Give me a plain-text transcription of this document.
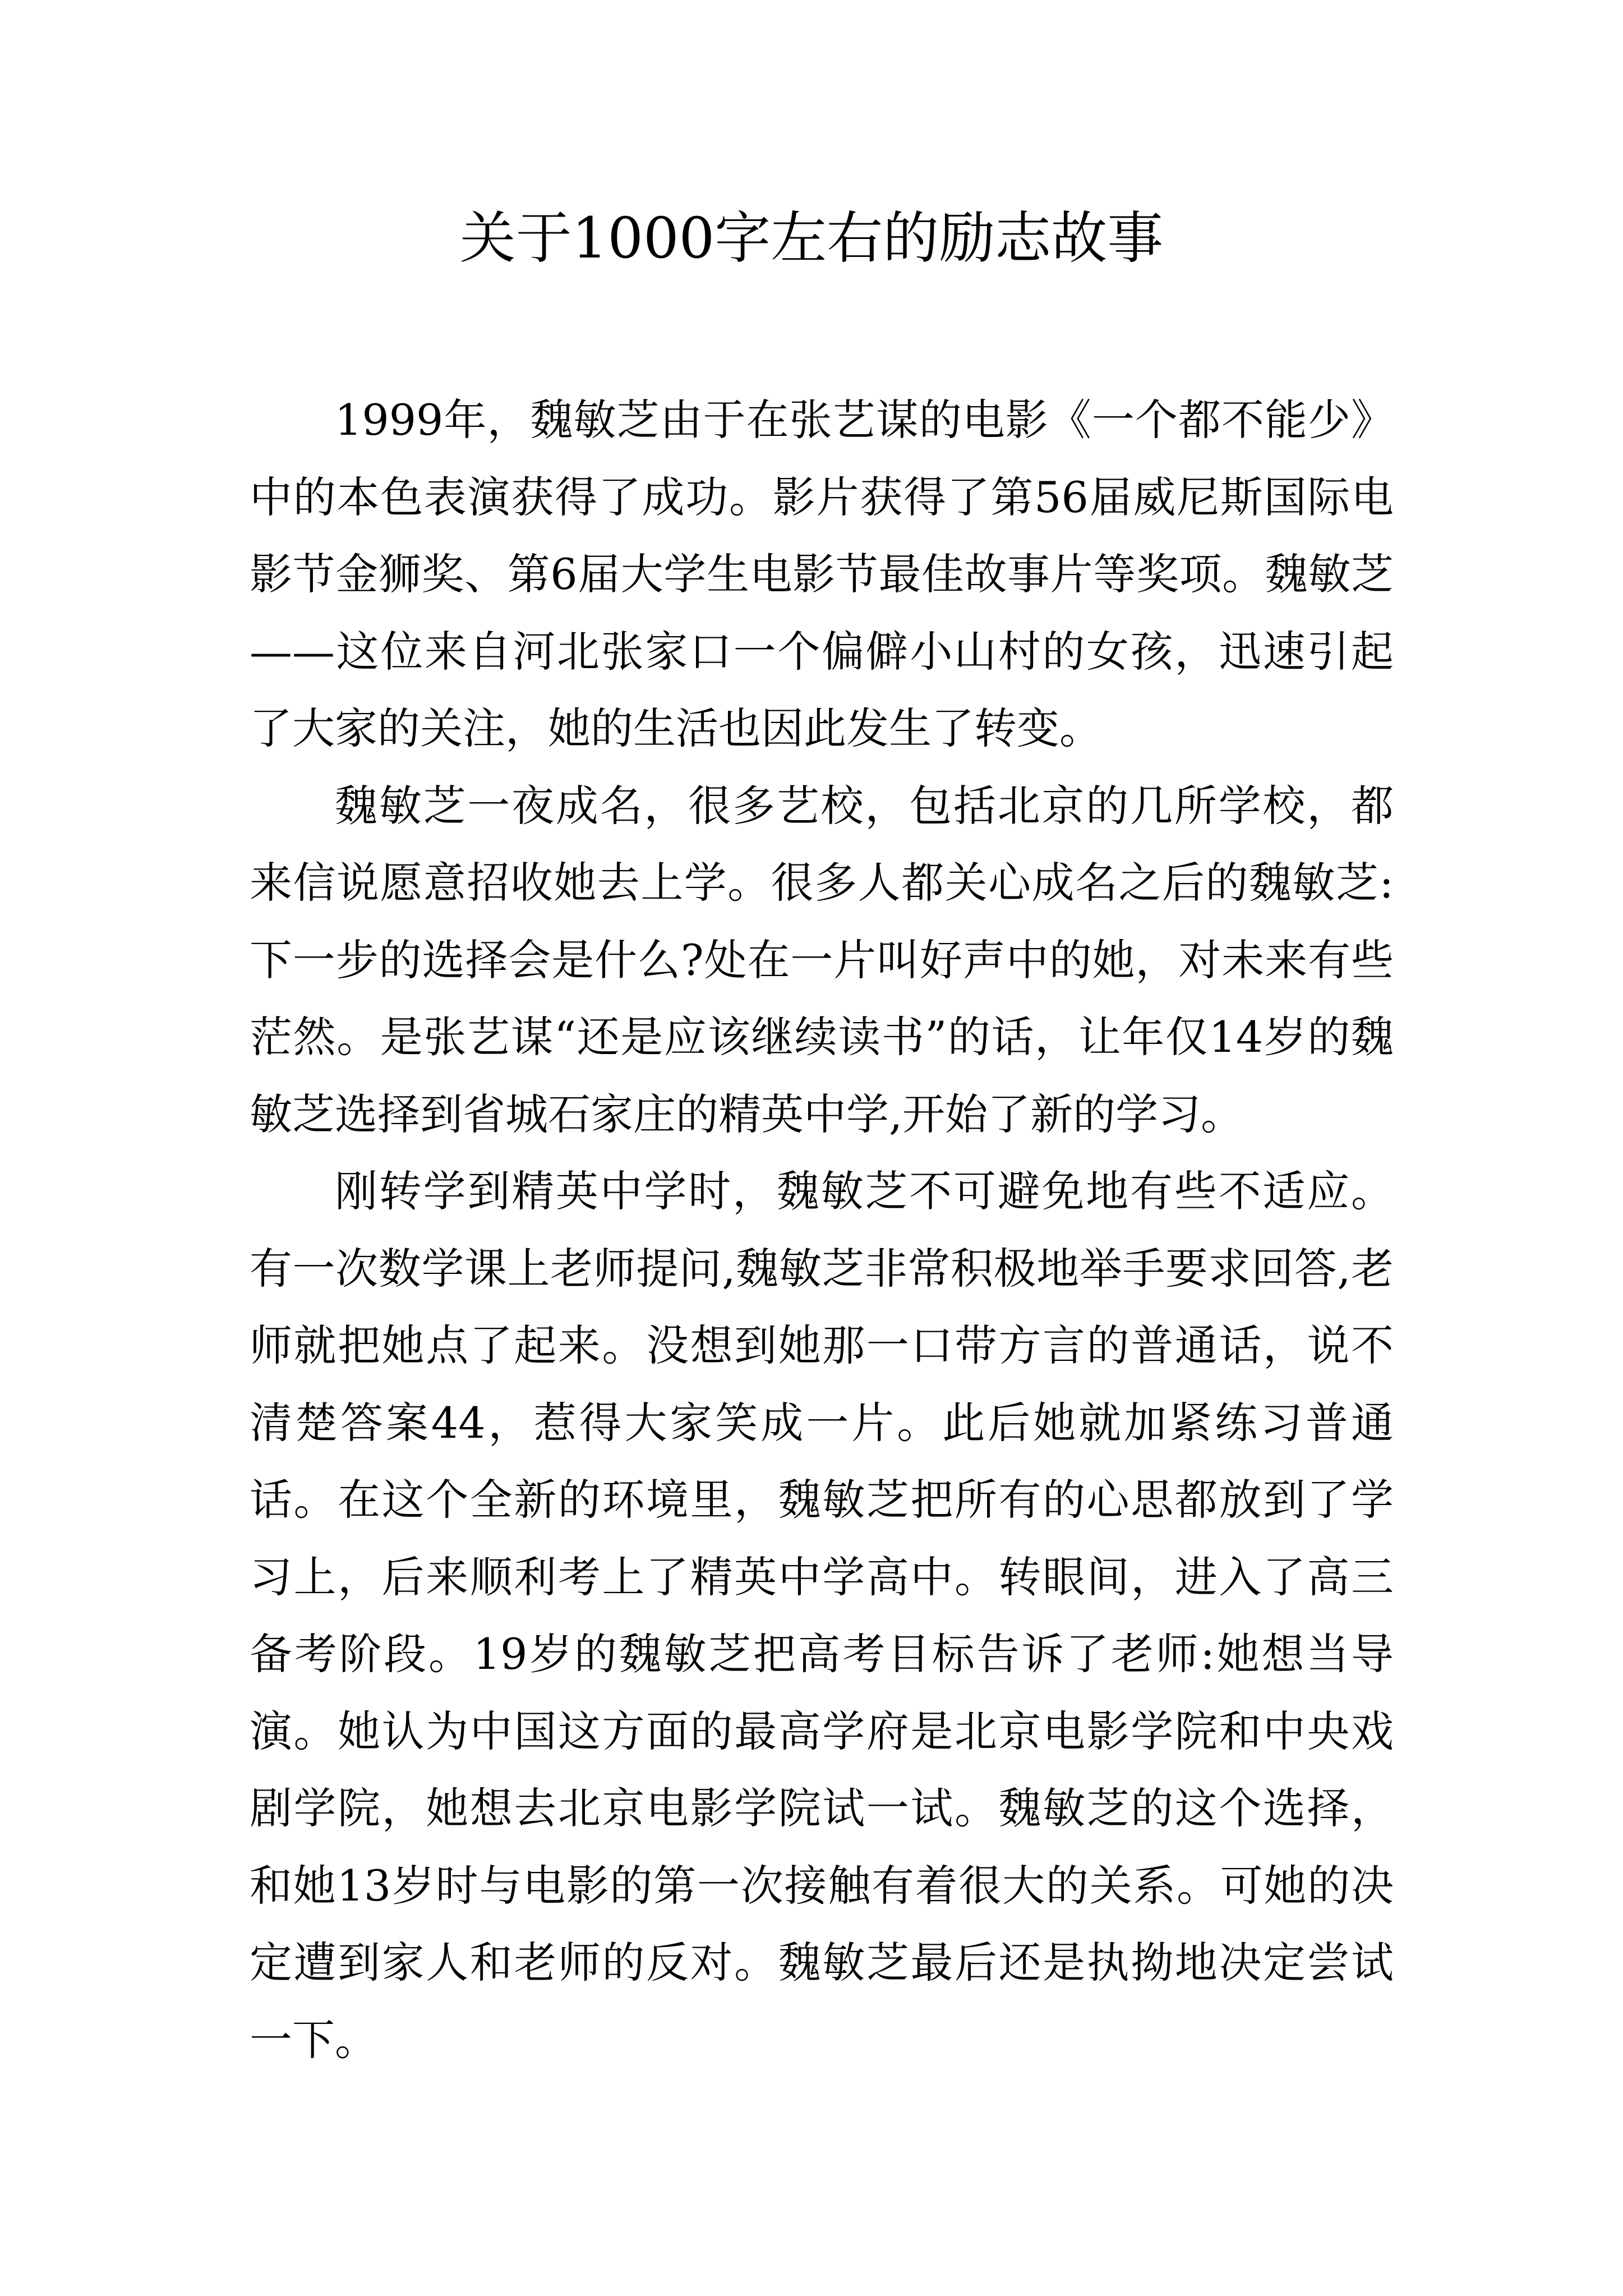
关于1000字左右的励志故事

1999年，魏敏芝由于在张艺谋的电影《一个都不能少》中的本色表演获得了成功。影片获得了第56届威尼斯国际电影节金狮奖、第6届大学生电影节最佳故事片等奖项。魏敏芝——这位来自河北张家口一个偏僻小山村的女孩，迅速引起了大家的关注，她的生活也因此发生了转变。

魏敏芝一夜成名，很多艺校，包括北京的几所学校，都来信说愿意招收她去上学。很多人都关心成名之后的魏敏芝:下一步的选择会是什么?处在一片叫好声中的她，对未来有些茫然。是张艺谋“还是应该继续读书”的话，让年仅14岁的魏敏芝选择到省城石家庄的精英中学,开始了新的学习。

刚转学到精英中学时，魏敏芝不可避免地有些不适应。有一次数学课上老师提问,魏敏芝非常积极地举手要求回答,老师就把她点了起来。没想到她那一口带方言的普通话，说不清楚答案44，惹得大家笑成一片。此后她就加紧练习普通话。在这个全新的环境里，魏敏芝把所有的心思都放到了学习上，后来顺利考上了精英中学高中。转眼间，进入了高三备考阶段。19岁的魏敏芝把高考目标告诉了老师:她想当导演。她认为中国这方面的最高学府是北京电影学院和中央戏剧学院，她想去北京电影学院试一试。魏敏芝的这个选择，和她13岁时与电影的第一次接触有着很大的关系。可她的决定遭到家人和老师的反对。魏敏芝最后还是执拗地决定尝试一下。
